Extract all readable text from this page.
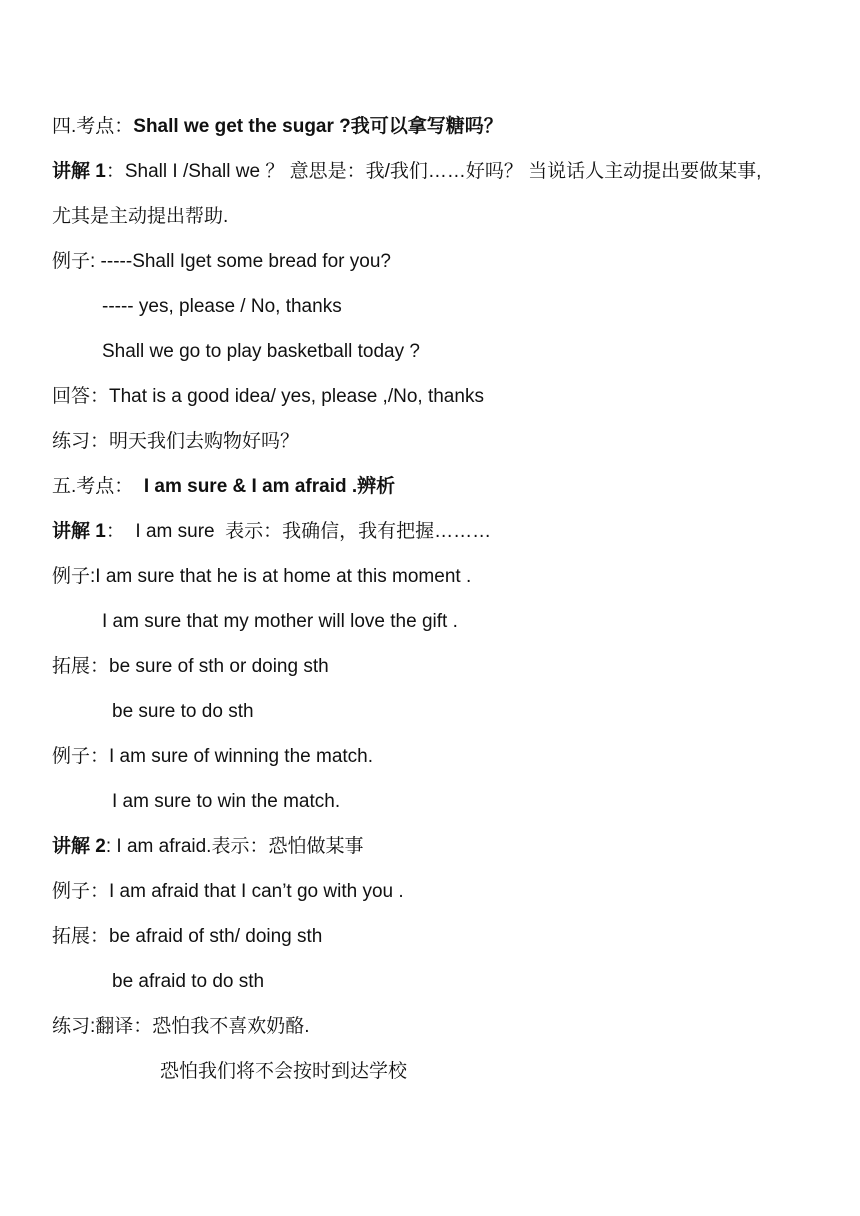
四.考点：Shall we get the sugar ?我可以拿写糖吗？
讲解 1：Shall I /Shall we ？ 意思是：我/我们……好吗？ 当说话人主动提出要做某事,
尤其是主动提出帮助.
例子: -----Shall Iget some bread for you?
----- yes, please / No, thanks
Shall we go to play basketball today ?
回答：That is a good idea/ yes, please ,/No, thanks
练习：明天我们去购物好吗？
五.考点：  I am sure & I am afraid .辨析
讲解 1：  I am sure  表示：我确信，我有把握………
例子:I am sure that he is at home at this moment .
I am sure that my mother will love the gift .
拓展：be sure of sth or doing sth
be sure to do sth
例子：I am sure of winning the match.
I am sure to win the match.
讲解 2: I am afraid.表示：恐怕做某事
例子：I am afraid that I can’t go with you .
拓展：be afraid of sth/ doing sth
be afraid to do sth
练习:翻译：恐怕我不喜欢奶酪.
恐怕我们将不会按时到达学校
